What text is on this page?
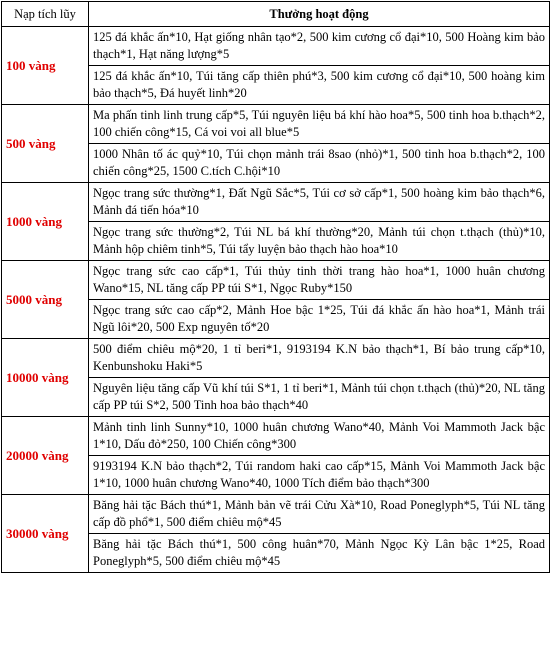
Nạp tích lũy	Thưởng hoạt động
100 vàng	125 đá khắc ấn*10, Hạt giống nhân tạo*2, 500 kim cương cổ đại*10, 500 Hoàng kim bảo thạch*1, Hạt năng lượng*5
	125 đá khắc ấn*10, Túi tăng cấp thiên phú*3, 500 kim cương cổ đại*10, 500 hoàng kim bảo thạch*5, Đá huyết linh*20
500 vàng	Ma phấn tinh linh trung cấp*5, Túi nguyên liệu bá khí hào hoa*5, 500 tinh hoa b.thạch*2, 100 chiến công*15, Cá voi voi all blue*5
	1000 Nhân tố ác quỷ*10, Túi chọn mảnh trái 8sao (nhỏ)*1, 500 tinh hoa b.thạch*2, 100 chiến công*25, 1500 C.tích C.hội*10
1000 vàng	Ngọc trang sức thường*1, Đất Ngũ Sắc*5, Túi cơ sở cấp*1, 500 hoàng kim bảo thạch*6, Mảnh đá tiến hóa*10
	Ngọc trang sức thường*2, Túi NL bá khí thường*20, Mảnh túi chọn t.thạch (thủ)*10, Mảnh hộp chiêm tinh*5, Túi tẩy luyện bảo thạch hào hoa*10
5000 vàng	Ngọc trang sức cao cấp*1, Túi thủy tinh thời trang hào hoa*1, 1000 huân chương Wano*15, NL tăng cấp PP túi S*1, Ngọc Ruby*150
	Ngọc trang sức cao cấp*2, Mảnh Hoe bậc 1*25, Túi đá khắc ấn hào hoa*1, Mảnh trái Ngũ lôi*20, 500 Exp nguyên tố*20
10000 vàng	500 điểm chiêu mộ*20, 1 tỉ beri*1, 9193194 K.N bảo thạch*1, Bí bảo trung cấp*10, Kenbunshoku Haki*5
	Nguyên liệu tăng cấp Vũ khí túi S*1, 1 tỉ beri*1, Mảnh túi chọn t.thạch (thủ)*20, NL tăng cấp PP túi S*2, 500 Tinh hoa bảo thạch*40
20000 vàng	Mảnh tinh linh Sunny*10, 1000 huân chương Wano*40, Mảnh Voi Mammoth Jack bậc 1*10, Dấu đỏ*250, 100 Chiến công*300
	9193194 K.N bảo thạch*2, Túi random haki cao cấp*15, Mảnh Voi Mammoth Jack bậc 1*10, 1000 huân chương Wano*40, 1000 Tích điểm bảo thạch*300
30000 vàng	Băng hải tặc Bách thú*1, Mảnh bản vẽ trái Cửu Xà*10, Road Poneglyph*5, Túi NL tăng cấp đồ phổ*1, 500 điểm chiêu mộ*45
	Băng hải tặc Bách thú*1, 500 công huân*70, Mảnh Ngọc Kỳ Lân bậc 1*25, Road Poneglyph*5, 500 điểm chiêu mộ*45
